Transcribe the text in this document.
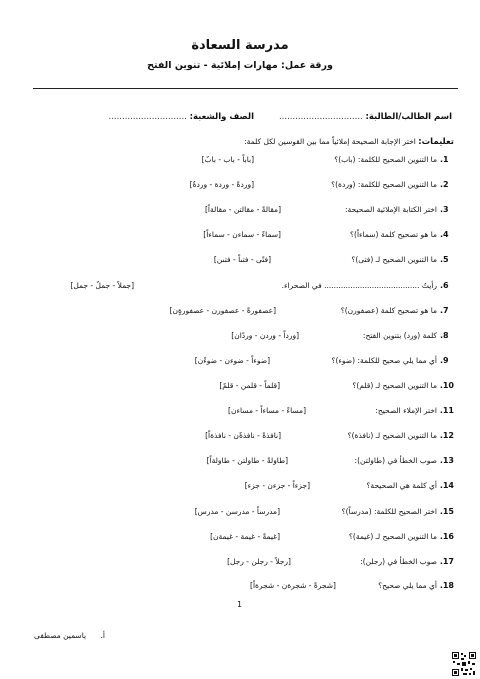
مدرسة السعادة
ورقة عمل: مهارات إملائية - تنوين الفتح
اسم الطالب/الطالبة: ...............................
الصف والشعبة: .............................
تعليمات: اختر الإجابة الصحيحة إملائياً مما بين القوسين لكل كلمة:
1.
ما التنوين الصحيح للكلمة: (باب)؟
[باباً - باب - بابٌ]
2.
ما التنوين الصحيح للكلمة: (وردة)؟
[وردةً - وردة - وردةٌ]
3.
اختر الكتابة الإملائية الصحيحة:
[مقالةً - مقالتن - مقالةاً]
4.
ما هو تصحيح كلمة (سماءاً)؟
[سماءً - سماءن - سماءاً]
5.
ما التنوين الصحيح لـ (فتى)؟
[فتًى - فتىاً - فتىن]
6.
رأيتُ ........................................ في الصحراء.
[جملاً - جملٌ - جمل]
7.
ما هو تصحيح كلمة (عصفورن)؟
[عصفورةً - عصفورن - عصفورةٍن]
8.
كلمة (ورد) بتنوين الفتح:
[ورداً - وردن - وردًان]
9.
أي مما يلي صحيح للكلمة: (ضوء)؟
[ضوءاً - ضوءن - ضوءًن]
10.
ما التنوين الصحيح لـ (قلم)؟
[قلماً - قلمن - قلمٌ]
11.
اختر الإملاء الصحيح:
[مساءً - مساءاً - مساءن]
12.
ما التنوين الصحيح لـ (نافذة)؟
[نافذةً - نافذةٌن - نافذةاً]
13.
صوب الخطأ في (طاولتن):
[طاولةً - طاولتن - طاولةاً]
14.
أي كلمة هي الصحيحة؟
[جزءاً - جزءن - جزء]
15.
اختر الصحيح للكلمة: (مدرساً)؟
[مدرساً - مدرسن - مدرس]
16.
ما التنوين الصحيح لـ (غيمة)؟
[غيمةً - غيمة - غيمةن]
17.
صوب الخطأ في (رجلن):
[رجلاً - رجلن - رجل]
18.
أي مما يلي صحيح؟
[شجرةً - شجرةن - شجرةاً]
1
أ. ياسمين مصطفى
